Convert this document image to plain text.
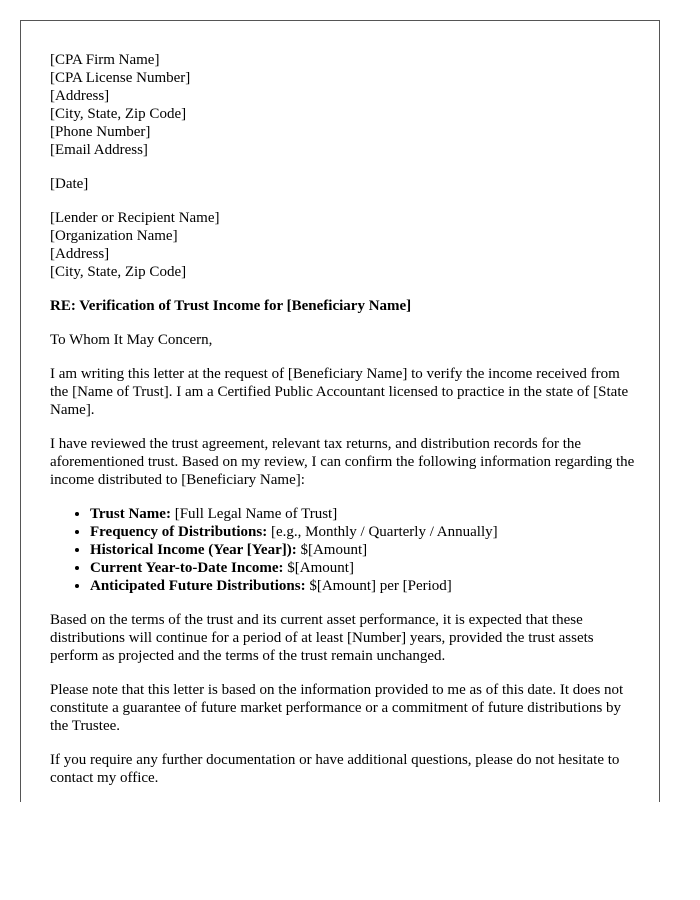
[CPA Firm Name]
[CPA License Number]
[Address]
[City, State, Zip Code]
[Phone Number]
[Email Address]

[Date]

[Lender or Recipient Name]
[Organization Name]
[Address]
[City, State, Zip Code]

RE: Verification of Trust Income for [Beneficiary Name]

To Whom It May Concern,

I am writing this letter at the request of [Beneficiary Name] to verify the income received from the [Name of Trust]. I am a Certified Public Accountant licensed to practice in the state of [State Name].

I have reviewed the trust agreement, relevant tax returns, and distribution records for the aforementioned trust. Based on my review, I can confirm the following information regarding the income distributed to [Beneficiary Name]:

• Trust Name: [Full Legal Name of Trust]
• Frequency of Distributions: [e.g., Monthly / Quarterly / Annually]
• Historical Income (Year [Year]): $[Amount]
• Current Year-to-Date Income: $[Amount]
• Anticipated Future Distributions: $[Amount] per [Period]

Based on the terms of the trust and its current asset performance, it is expected that these distributions will continue for a period of at least [Number] years, provided the trust assets perform as projected and the terms of the trust remain unchanged.

Please note that this letter is based on the information provided to me as of this date. It does not constitute a guarantee of future market performance or a commitment of future distributions by the Trustee.

If you require any further documentation or have additional questions, please do not hesitate to contact my office.
